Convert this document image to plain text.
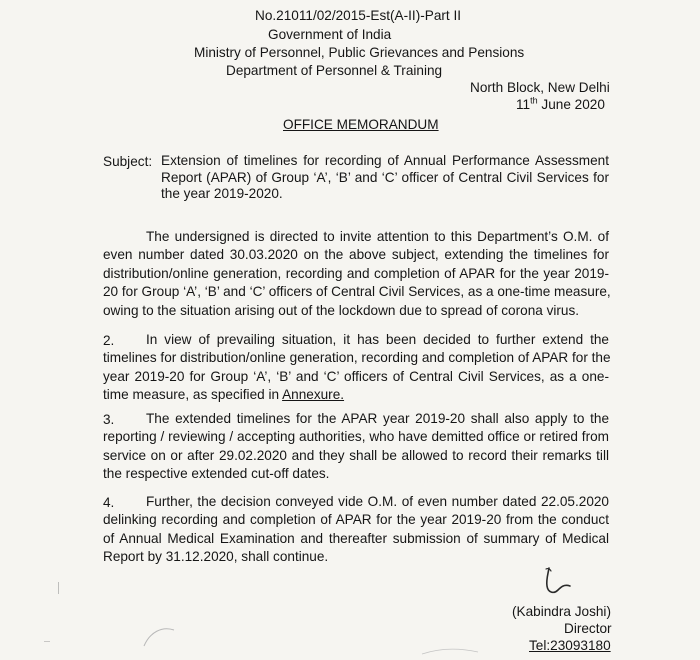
No.21011/02/2015-Est(A-II)-Part II
Government of India
Ministry of Personnel, Public Grievances and Pensions
Department of Personnel & Training
North Block, New Delhi
11th June 2020
OFFICE MEMORANDUM
Subject: Extension of timelines for recording of Annual Performance Assessment
Report (APAR) of Group ‘A’, ‘B’ and ‘C’ officer of Central Civil Services for
the year 2019-2020.
The undersigned is directed to invite attention to this Department’s O.M. of
even number dated 30.03.2020 on the above subject, extending the timelines for
distribution/online generation, recording and completion of APAR for the year 2019-
20 for Group ‘A’, ‘B’ and ‘C’ officers of Central Civil Services, as a one-time measure,
owing to the situation arising out of the lockdown due to spread of corona virus.
2.	In view of prevailing situation, it has been decided to further extend the
timelines for distribution/online generation, recording and completion of APAR for the
year 2019-20 for Group ‘A’, ‘B’ and ‘C’ officers of Central Civil Services, as a one-
time measure, as specified in Annexure.
3.	The extended timelines for the APAR year 2019-20 shall also apply to the
reporting / reviewing / accepting authorities, who have demitted office or retired from
service on or after 29.02.2020 and they shall be allowed to record their remarks till
the respective extended cut-off dates.
4.	Further, the decision conveyed vide O.M. of even number dated 22.05.2020
delinking recording and completion of APAR for the year 2019-20 from the conduct
of Annual Medical Examination and thereafter submission of summary of Medical
Report by 31.12.2020, shall continue.
(Kabindra Joshi)
Director
Tel:23093180
